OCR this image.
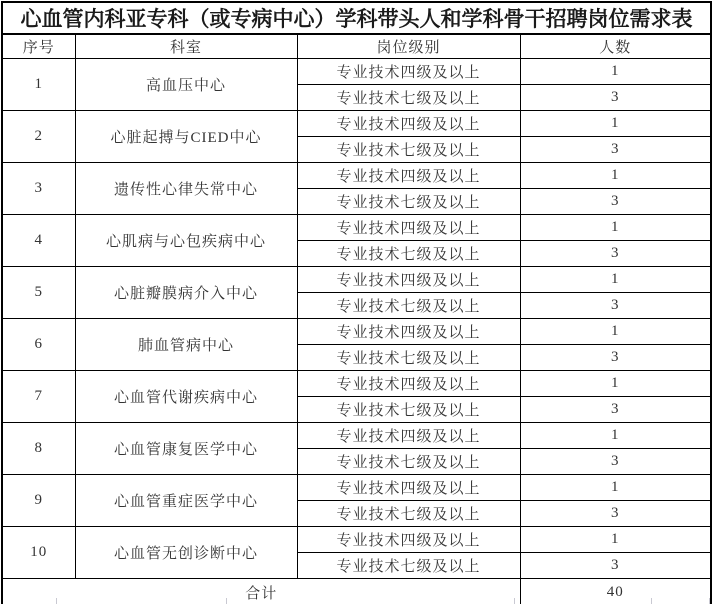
心血管内科亚专科（或专病中心）学科带头人和学科骨干招聘岗位需求表			
序号	科室	岗位级别	人数
1	高血压中心	专业技术四级及以上	1
		专业技术七级及以上	3
2	心脏起搏与CIED中心	专业技术四级及以上	1
		专业技术七级及以上	3
3	遗传性心律失常中心	专业技术四级及以上	1
		专业技术七级及以上	3
4	心肌病与心包疾病中心	专业技术四级及以上	1
		专业技术七级及以上	3
5	心脏瓣膜病介入中心	专业技术四级及以上	1
		专业技术七级及以上	3
6	肺血管病中心	专业技术四级及以上	1
		专业技术七级及以上	3
7	心血管代谢疾病中心	专业技术四级及以上	1
		专业技术七级及以上	3
8	心血管康复医学中心	专业技术四级及以上	1
		专业技术七级及以上	3
9	心血管重症医学中心	专业技术四级及以上	1
		专业技术七级及以上	3
10	心血管无创诊断中心	专业技术四级及以上	1
		专业技术七级及以上	3
合计			40
